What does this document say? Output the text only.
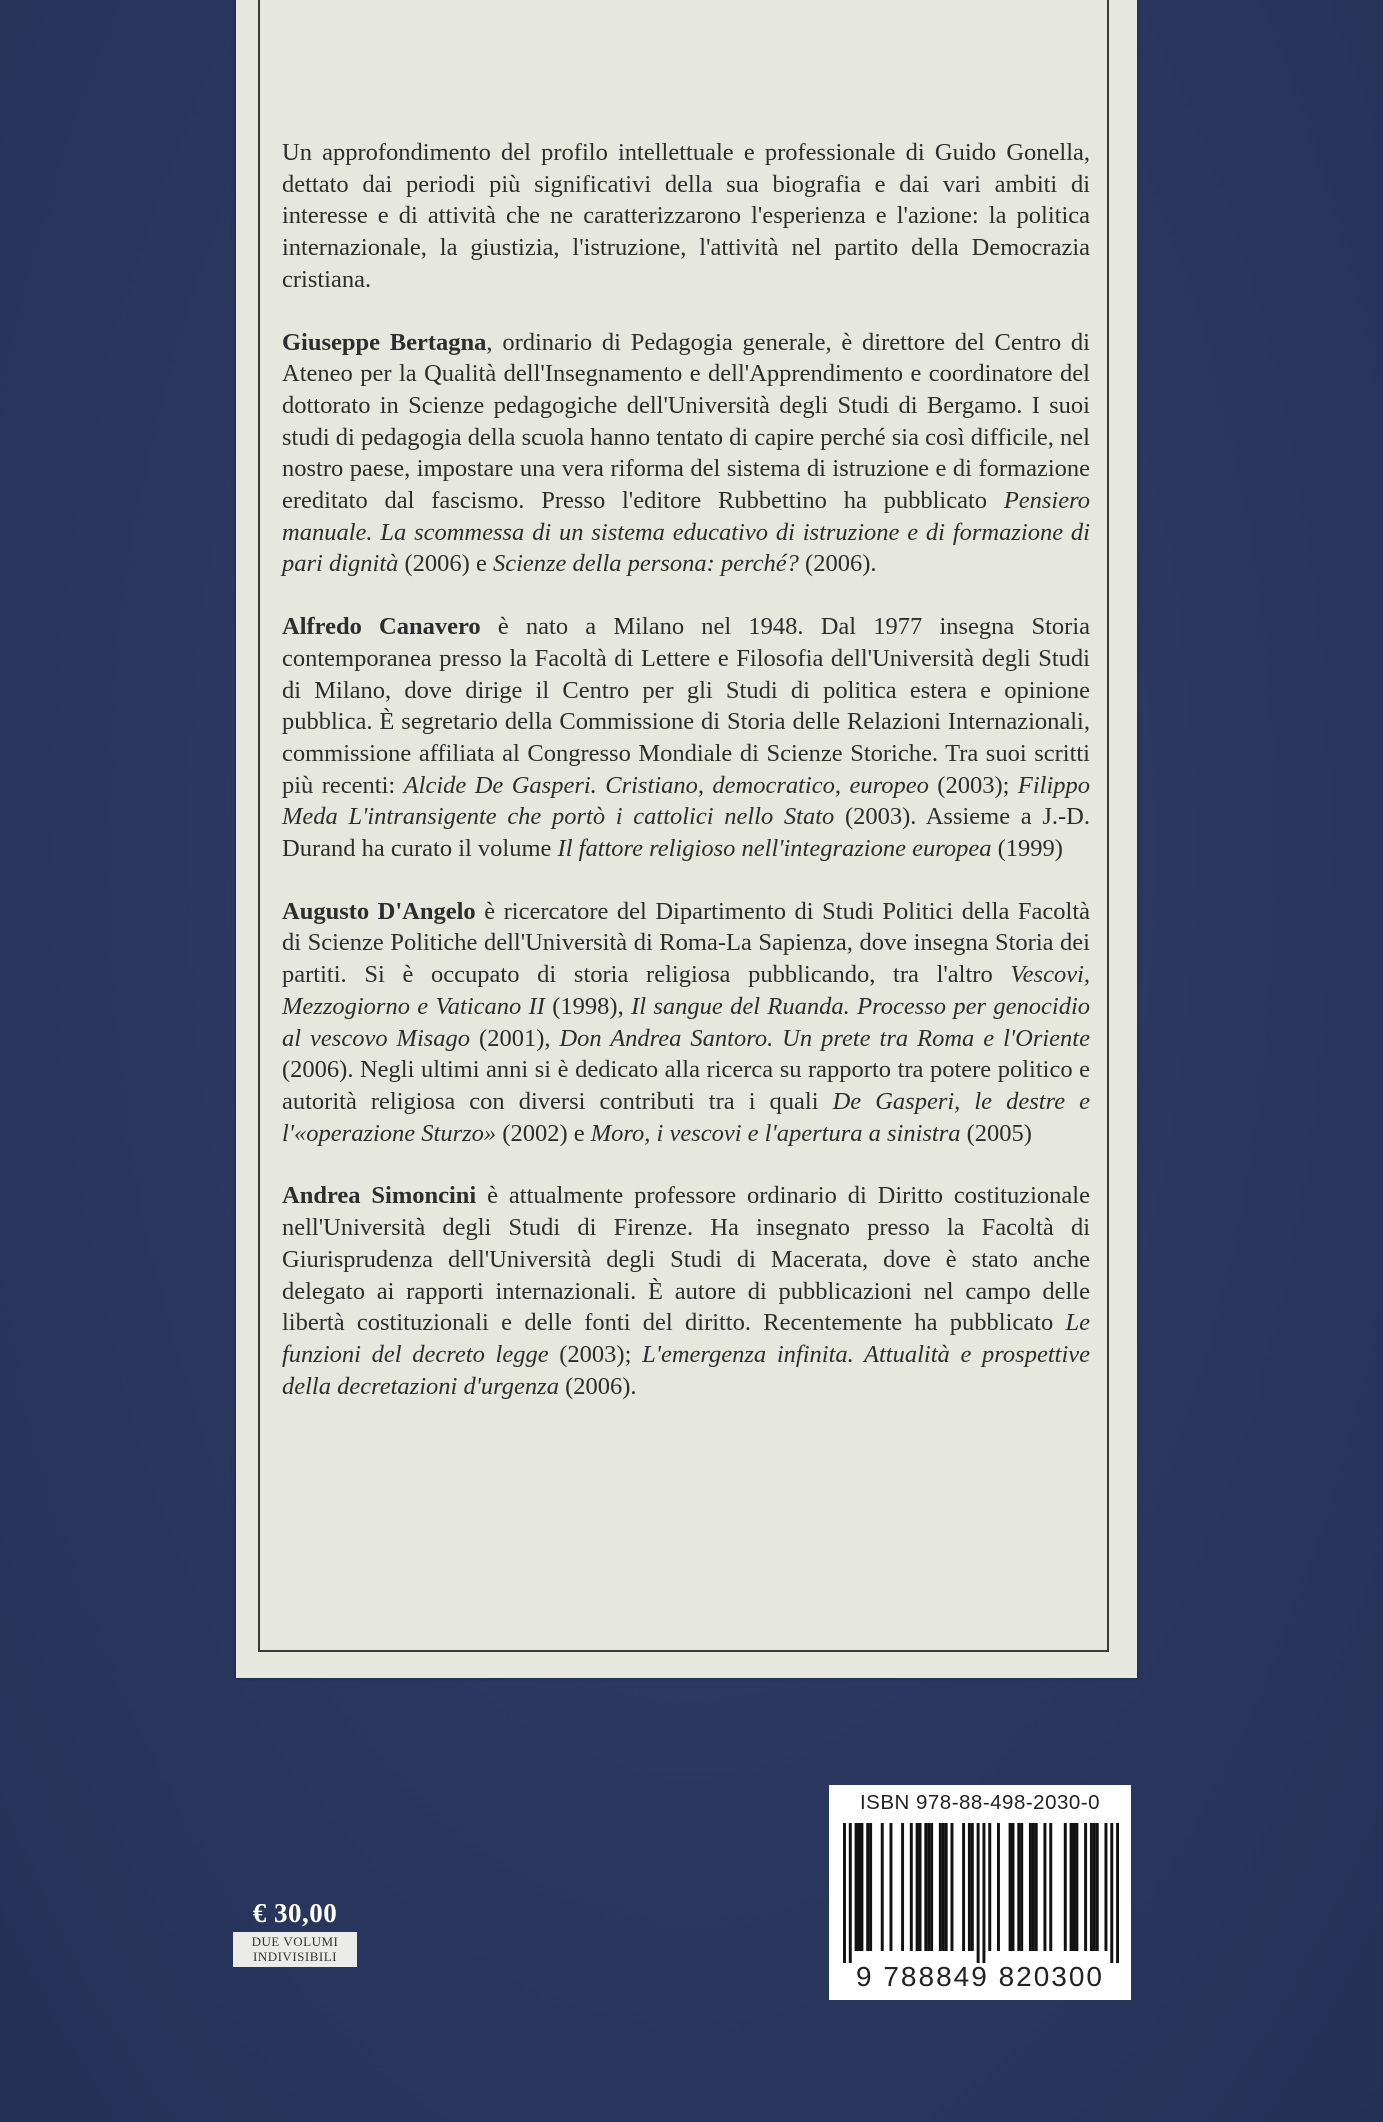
Un approfondimento del profilo intellettuale e professionale di Guido Gonella, dettato dai periodi più significativi della sua biografia e dai vari ambiti di interesse e di attività che ne caratterizzarono l'esperienza e l'azione: la politica internazionale, la giustizia, l'istruzione, l'attività nel partito della Democrazia cristiana.

Giuseppe Bertagna, ordinario di Pedagogia generale, è direttore del Centro di Ateneo per la Qualità dell'Insegnamento e dell'Apprendimento e coordinatore del dottorato in Scienze pedagogiche dell'Università degli Studi di Bergamo. I suoi studi di pedagogia della scuola hanno tentato di capire perché sia così difficile, nel nostro paese, impostare una vera riforma del sistema di istruzione e di formazione ereditato dal fascismo. Presso l'editore Rubbettino ha pubblicato Pensiero manuale. La scommessa di un sistema educativo di istruzione e di formazione di pari dignità (2006) e Scienze della persona: perché? (2006).

Alfredo Canavero è nato a Milano nel 1948. Dal 1977 insegna Storia contemporanea presso la Facoltà di Lettere e Filosofia dell'Università degli Studi di Milano, dove dirige il Centro per gli Studi di politica estera e opinione pubblica. È segretario della Commissione di Storia delle Relazioni Internazionali, commissione affiliata al Congresso Mondiale di Scienze Storiche. Tra suoi scritti più recenti: Alcide De Gasperi. Cristiano, democratico, europeo (2003); Filippo Meda L'intransigente che portò i cattolici nello Stato (2003). Assieme a J.-D. Durand ha curato il volume Il fattore religioso nell'integrazione europea (1999)

Augusto D'Angelo è ricercatore del Dipartimento di Studi Politici della Facoltà di Scienze Politiche dell'Università di Roma-La Sapienza, dove insegna Storia dei partiti. Si è occupato di storia religiosa pubblicando, tra l'altro Vescovi, Mezzogiorno e Vaticano II (1998), Il sangue del Ruanda. Processo per genocidio al vescovo Misago (2001), Don Andrea Santoro. Un prete tra Roma e l'Oriente (2006). Negli ultimi anni si è dedicato alla ricerca su rapporto tra potere politico e autorità religiosa con diversi contributi tra i quali De Gasperi, le destre e l'«operazione Sturzo» (2002) e Moro, i vescovi e l'apertura a sinistra (2005)

Andrea Simoncini è attualmente professore ordinario di Diritto costituzionale nell'Università degli Studi di Firenze. Ha insegnato presso la Facoltà di Giurisprudenza dell'Università degli Studi di Macerata, dove è stato anche delegato ai rapporti internazionali. È autore di pubblicazioni nel campo delle libertà costituzionali e delle fonti del diritto. Recentemente ha pubblicato Le funzioni del decreto legge (2003); L'emergenza infinita. Attualità e prospettive della decretazioni d'urgenza (2006).

€ 30,00
DUE VOLUMI
INDIVISIBILI
ISBN 978-88-498-2030-0
9 788849 820300
